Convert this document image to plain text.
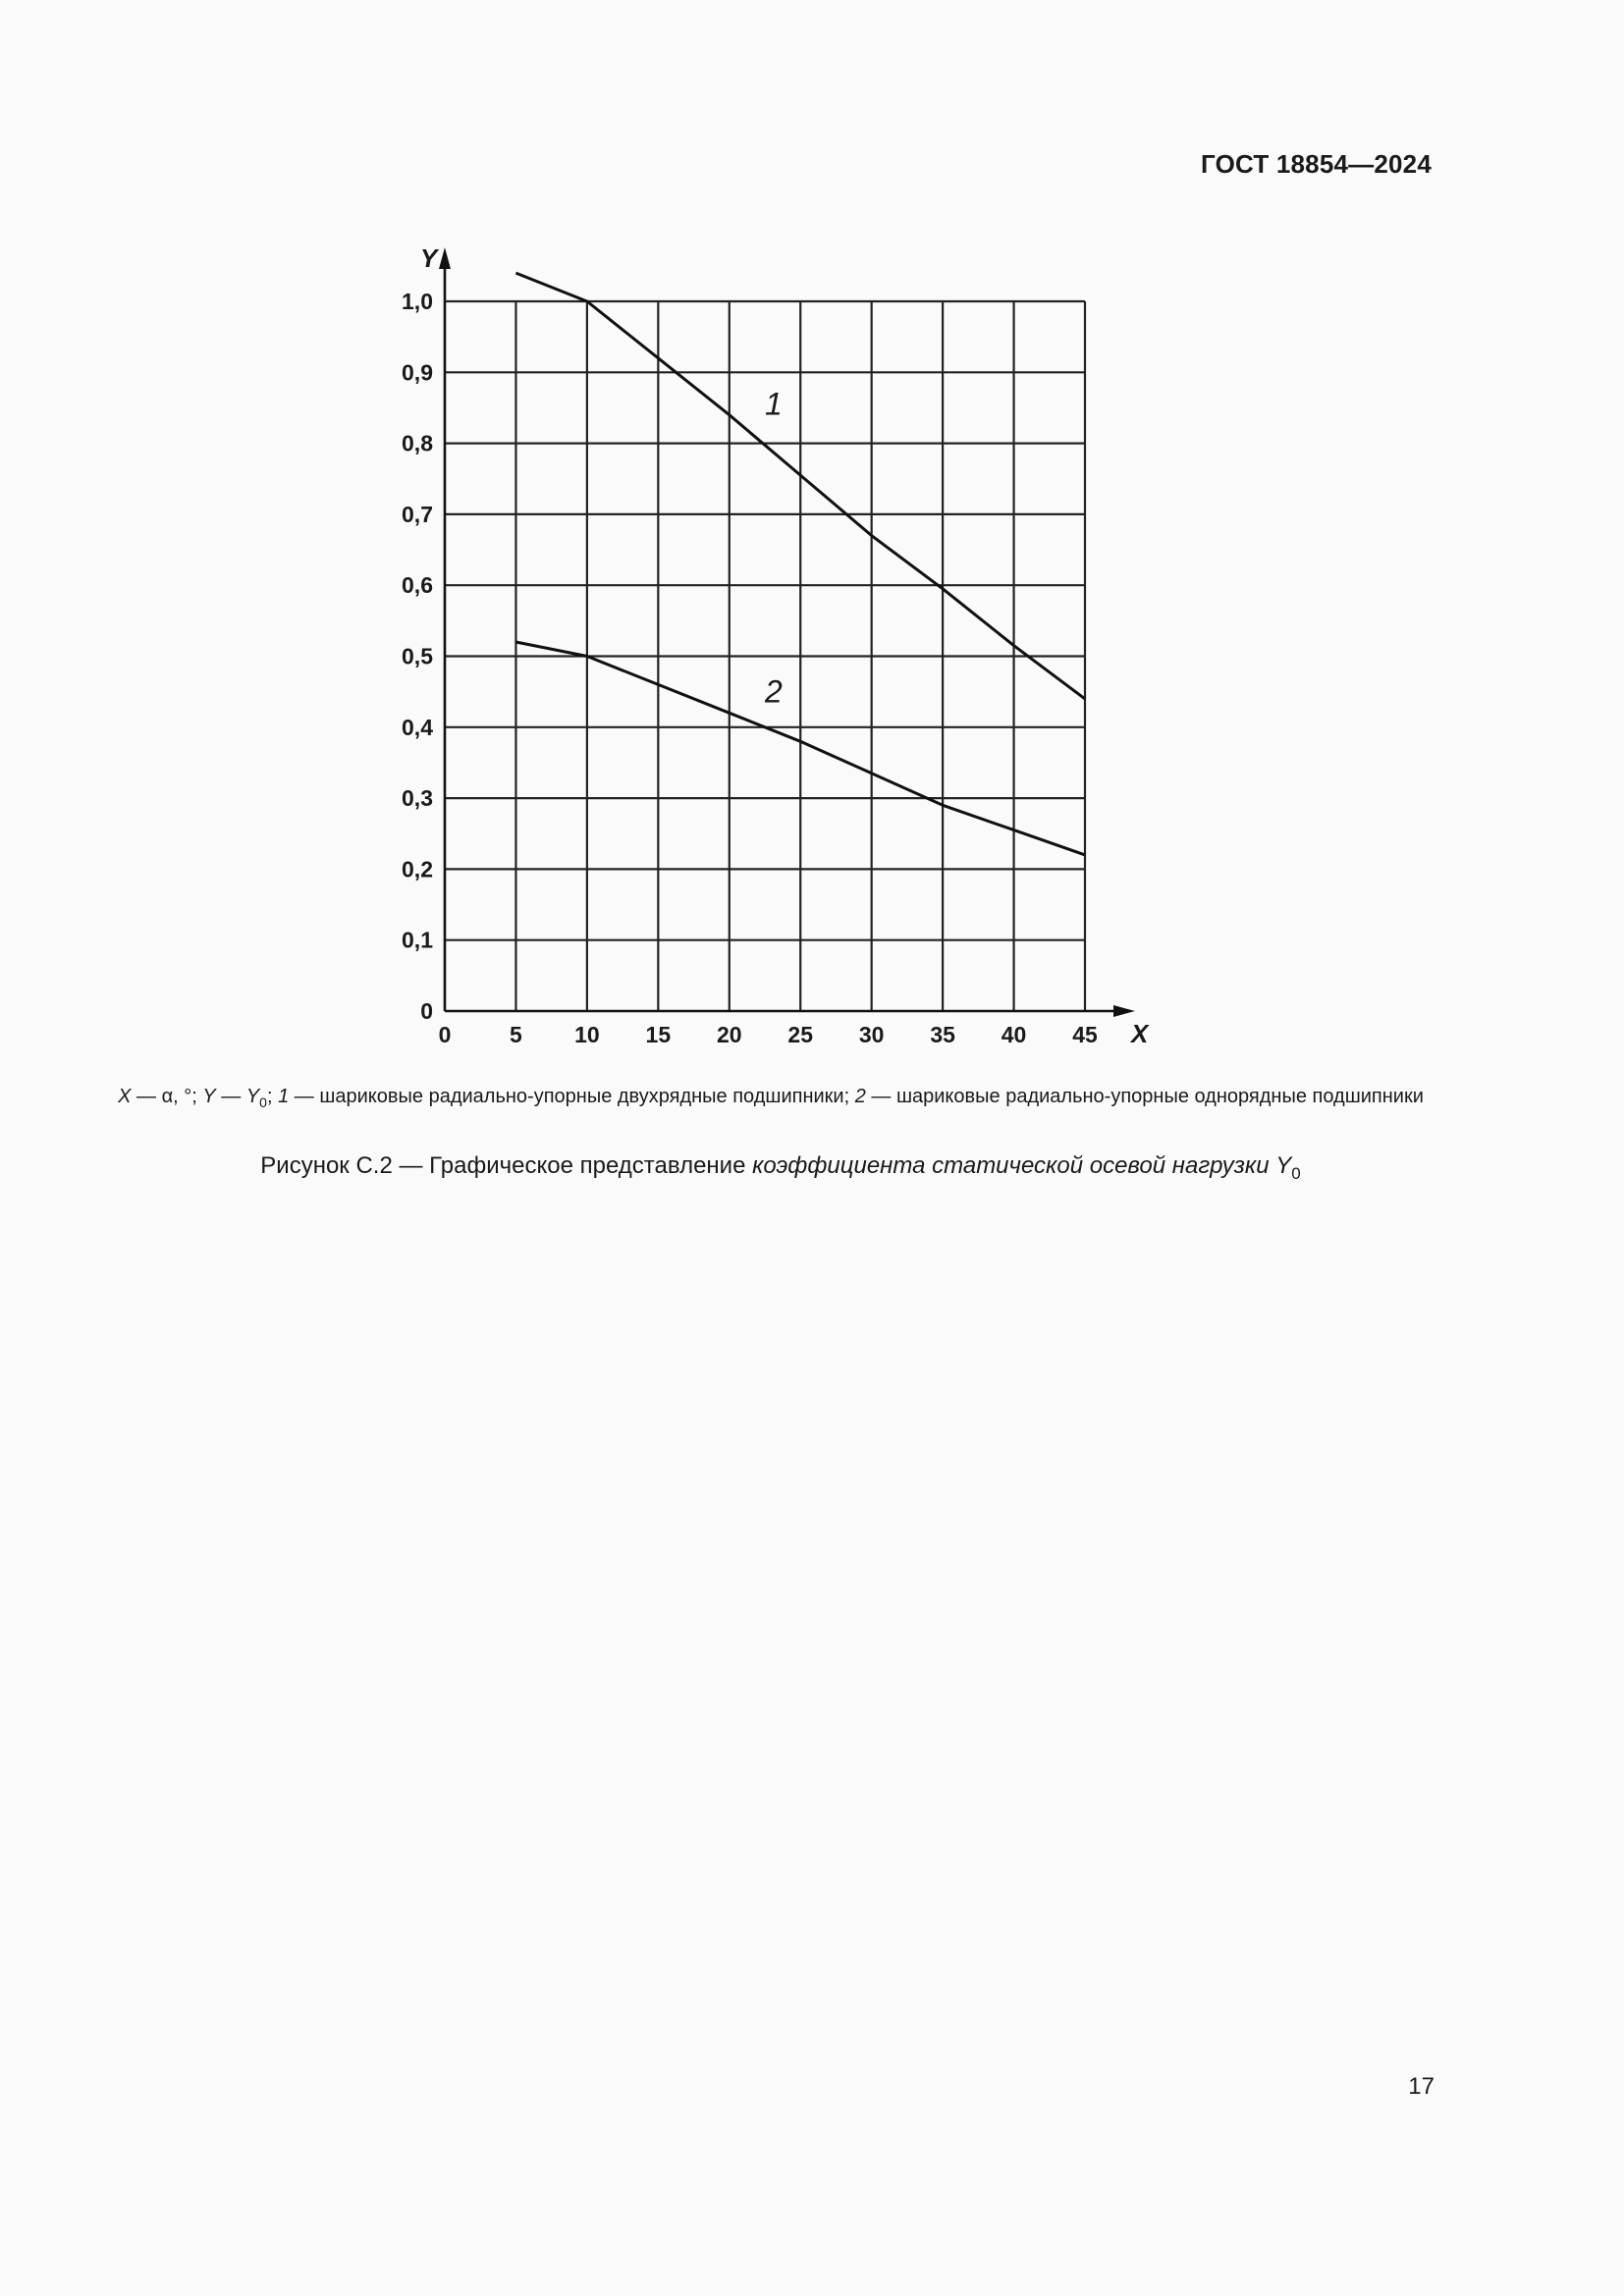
ГОСТ 18854—2024
Y
X
0	5 10 15 20 25 30 35 40 45
0
0,1
0,2
0,3
0,4
0,5
0,6
0,7
0,8
0,9
1,0
1
2
X — α, °; Y — $Y_0$; 1 — шариковые радиально-упорные двухрядные подшипники; 2 — шариковые радиально-упорные однорядные подшипники
Рисунок С.2 — Графическое представление коэффициента статической осевой нагрузки $Y_0$
17
